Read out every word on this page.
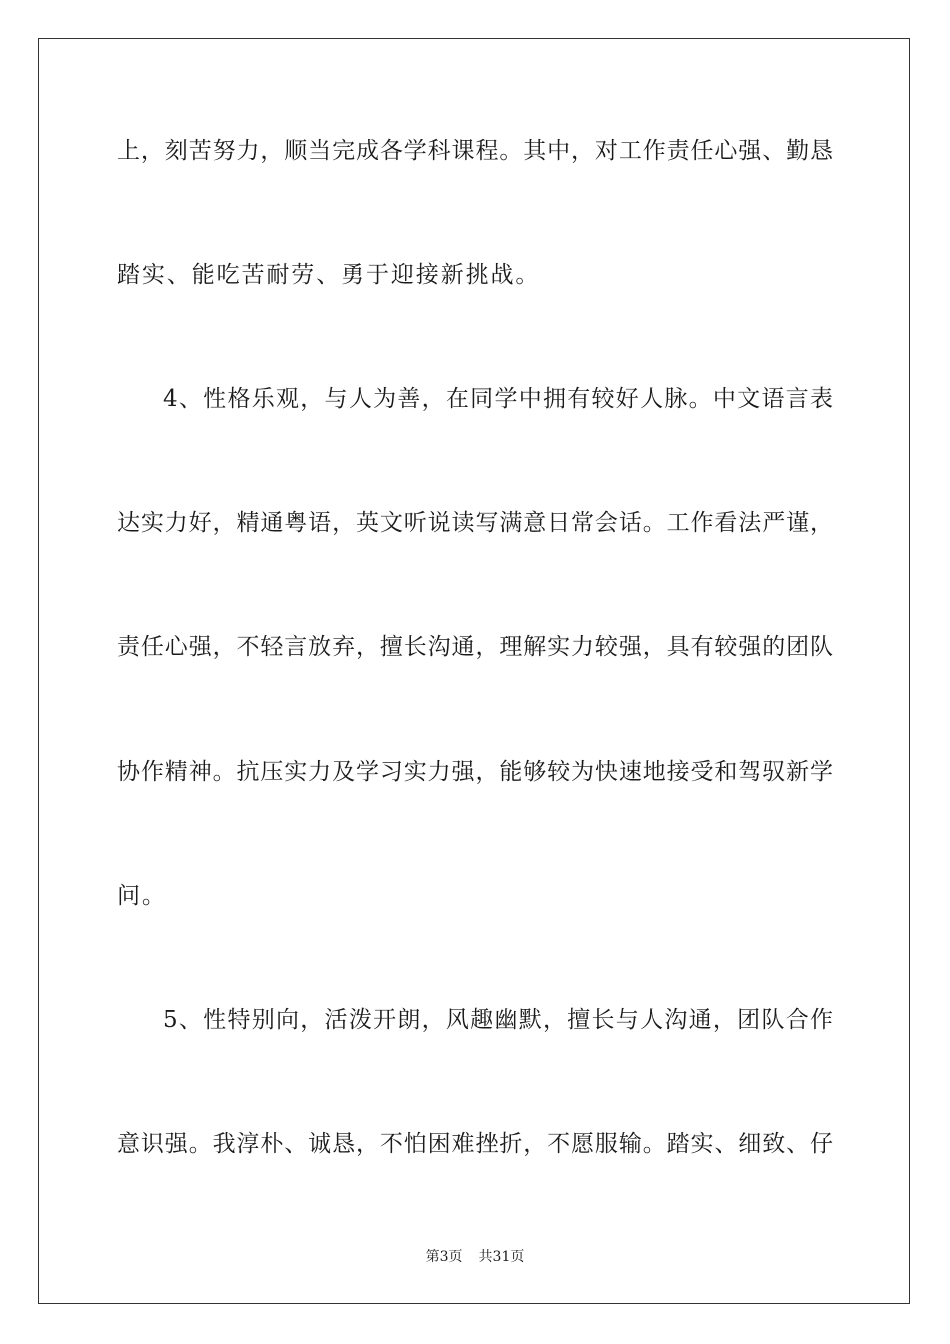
上，刻苦努力，顺当完成各学科课程。其中，对工作责任心强、勤恳
踏实、能吃苦耐劳、勇于迎接新挑战。
4、性格乐观，与人为善，在同学中拥有较好人脉。中文语言表
达实力好，精通粤语，英文听说读写满意日常会话。工作看法严谨，
责任心强，不轻言放弃，擅长沟通，理解实力较强，具有较强的团队
协作精神。抗压实力及学习实力强，能够较为快速地接受和驾驭新学
问。
5、性特别向，活泼开朗，风趣幽默，擅长与人沟通，团队合作
意识强。我淳朴、诚恳，不怕困难挫折，不愿服输。踏实、细致、仔
第3页 共31页
